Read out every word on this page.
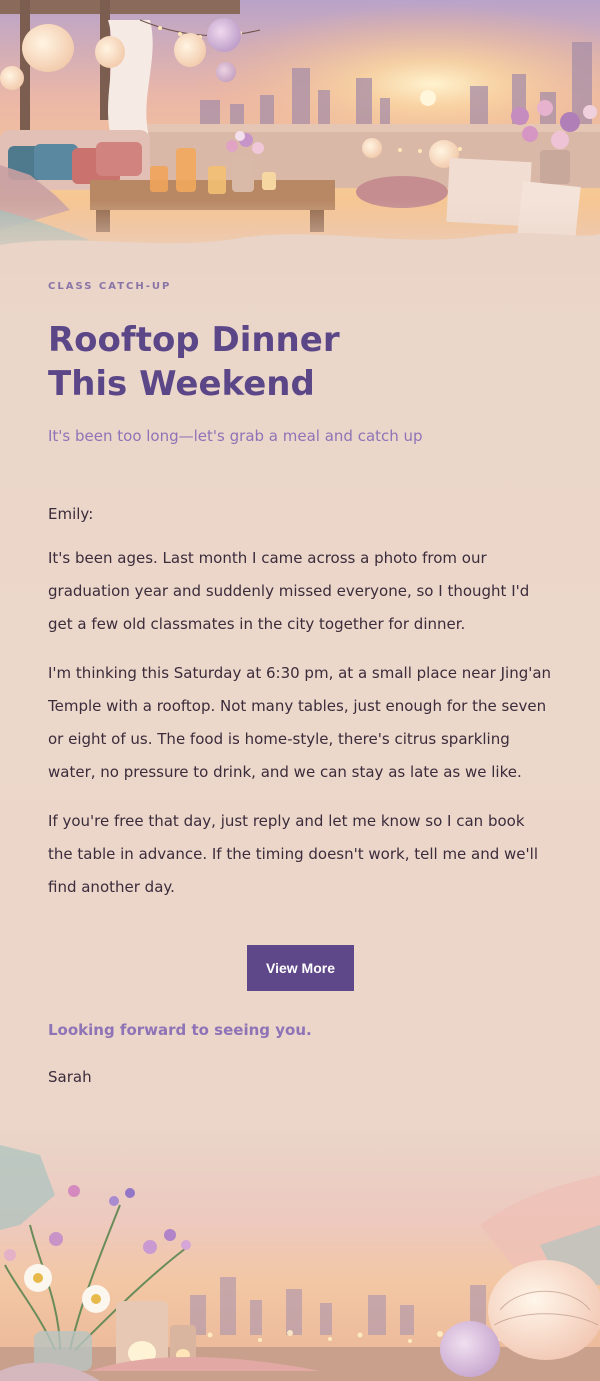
CLASS CATCH-UP

Rooftop Dinner This Weekend

It's been too long—let's grab a meal and catch up

Emily:

It's been ages. Last month I came across a photo from our graduation year and suddenly missed everyone, so I thought I'd get a few old classmates in the city together for dinner.

I'm thinking this Saturday at 6:30 pm, at a small place near Jing'an Temple with a rooftop. Not many tables, just enough for the seven or eight of us. The food is home-style, there's citrus sparkling water, no pressure to drink, and we can stay as late as we like.

If you're free that day, just reply and let me know so I can book the table in advance. If the timing doesn't work, tell me and we'll find another day.

View More

Looking forward to seeing you.

Sarah
